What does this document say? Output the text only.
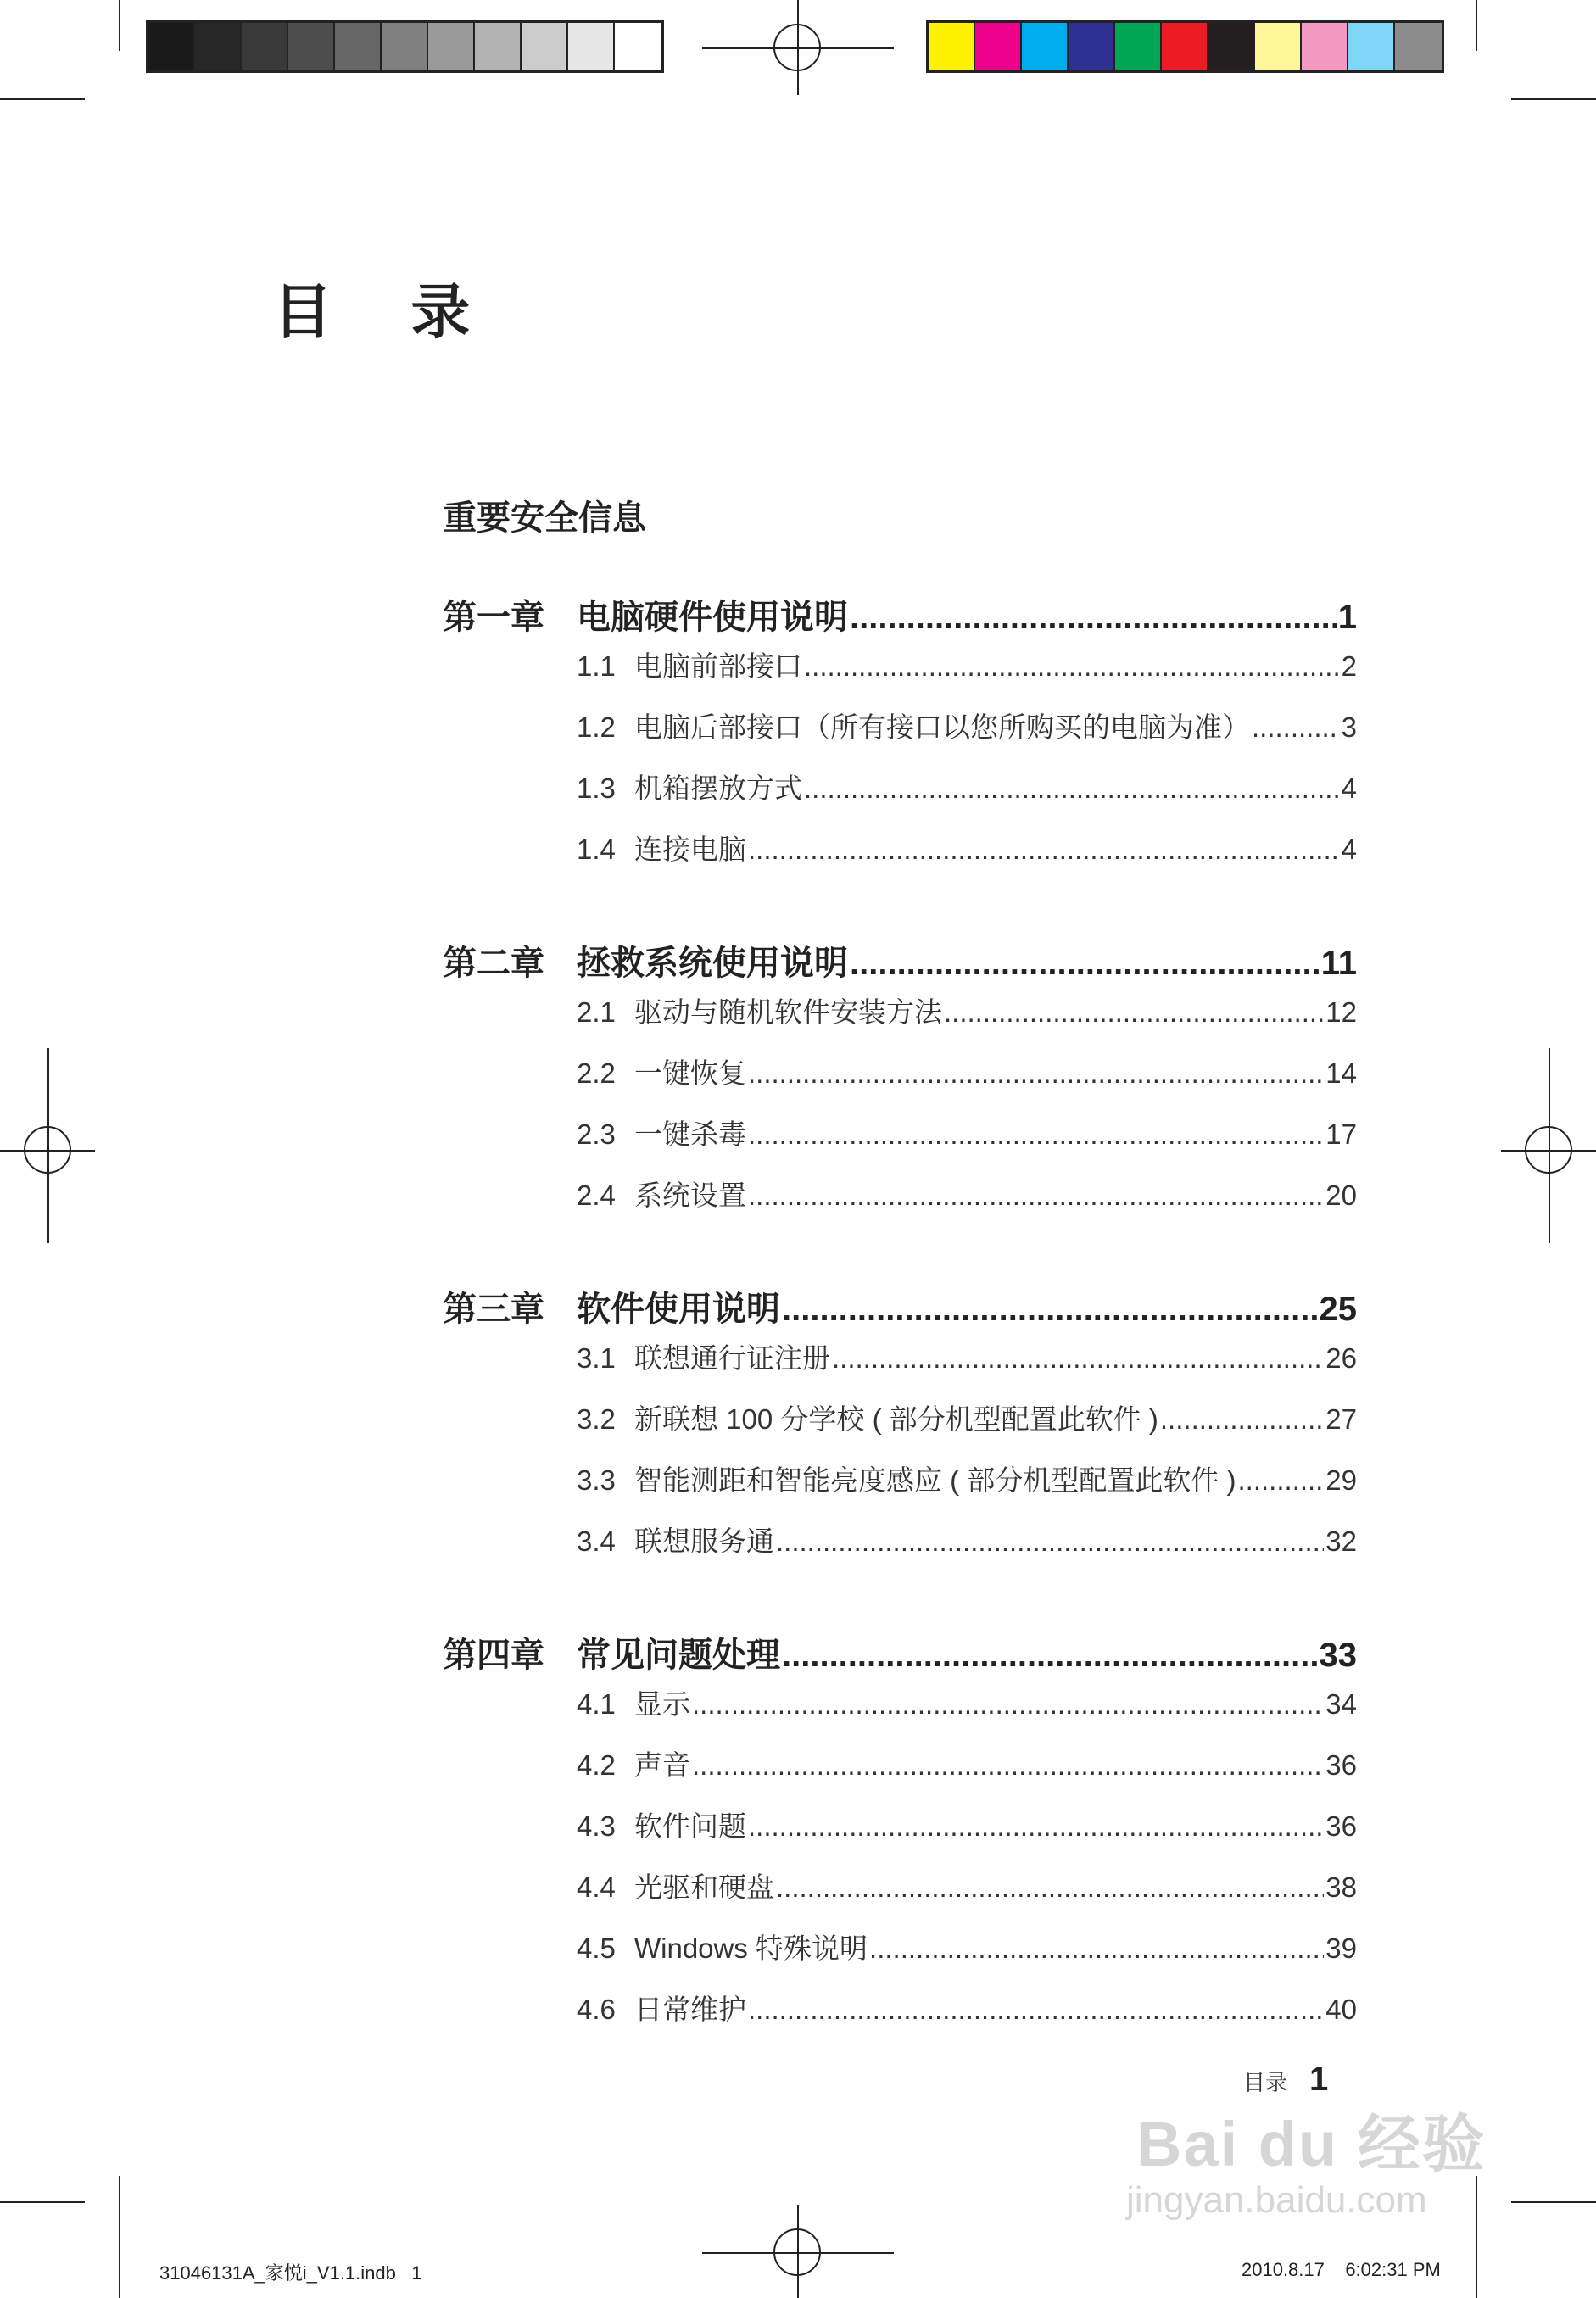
目 录
重要安全信息
第一章 电脑硬件使用说明 .....	1
1.1 电脑前部接口 .....	2
1.2 电脑后部接口（所有接口以您所购买的电脑为准） .....	3
1.3 机箱摆放方式 .....	4
1.4 连接电脑 .....	4
第二章 拯救系统使用说明 .....	11
2.1 驱动与随机软件安装方法 .....	12
2.2 一键恢复 .....	14
2.3 一键杀毒 .....	17
2.4 系统设置 .....	20
第三章 软件使用说明 .....	25
3.1 联想通行证注册 .....	26
3.2 新联想 100 分学校 ( 部分机型配置此软件 ) .....	27
3.3 智能测距和智能亮度感应 ( 部分机型配置此软件 ) .....	29
3.4 联想服务通 .....	32
第四章 常见问题处理 .....	33
4.1 显示 .....	34
4.2 声音 .....	36
4.3 软件问题 .....	36
4.4 光驱和硬盘 .....	38
4.5 Windows 特殊说明 .....	39
4.6 日常维护 .....	40
目录 1
Bai du 经验
jingyan.baidu.com
31046131A_家悦i_V1.1.indb   1	2010.8.17    6:02:31 PM
